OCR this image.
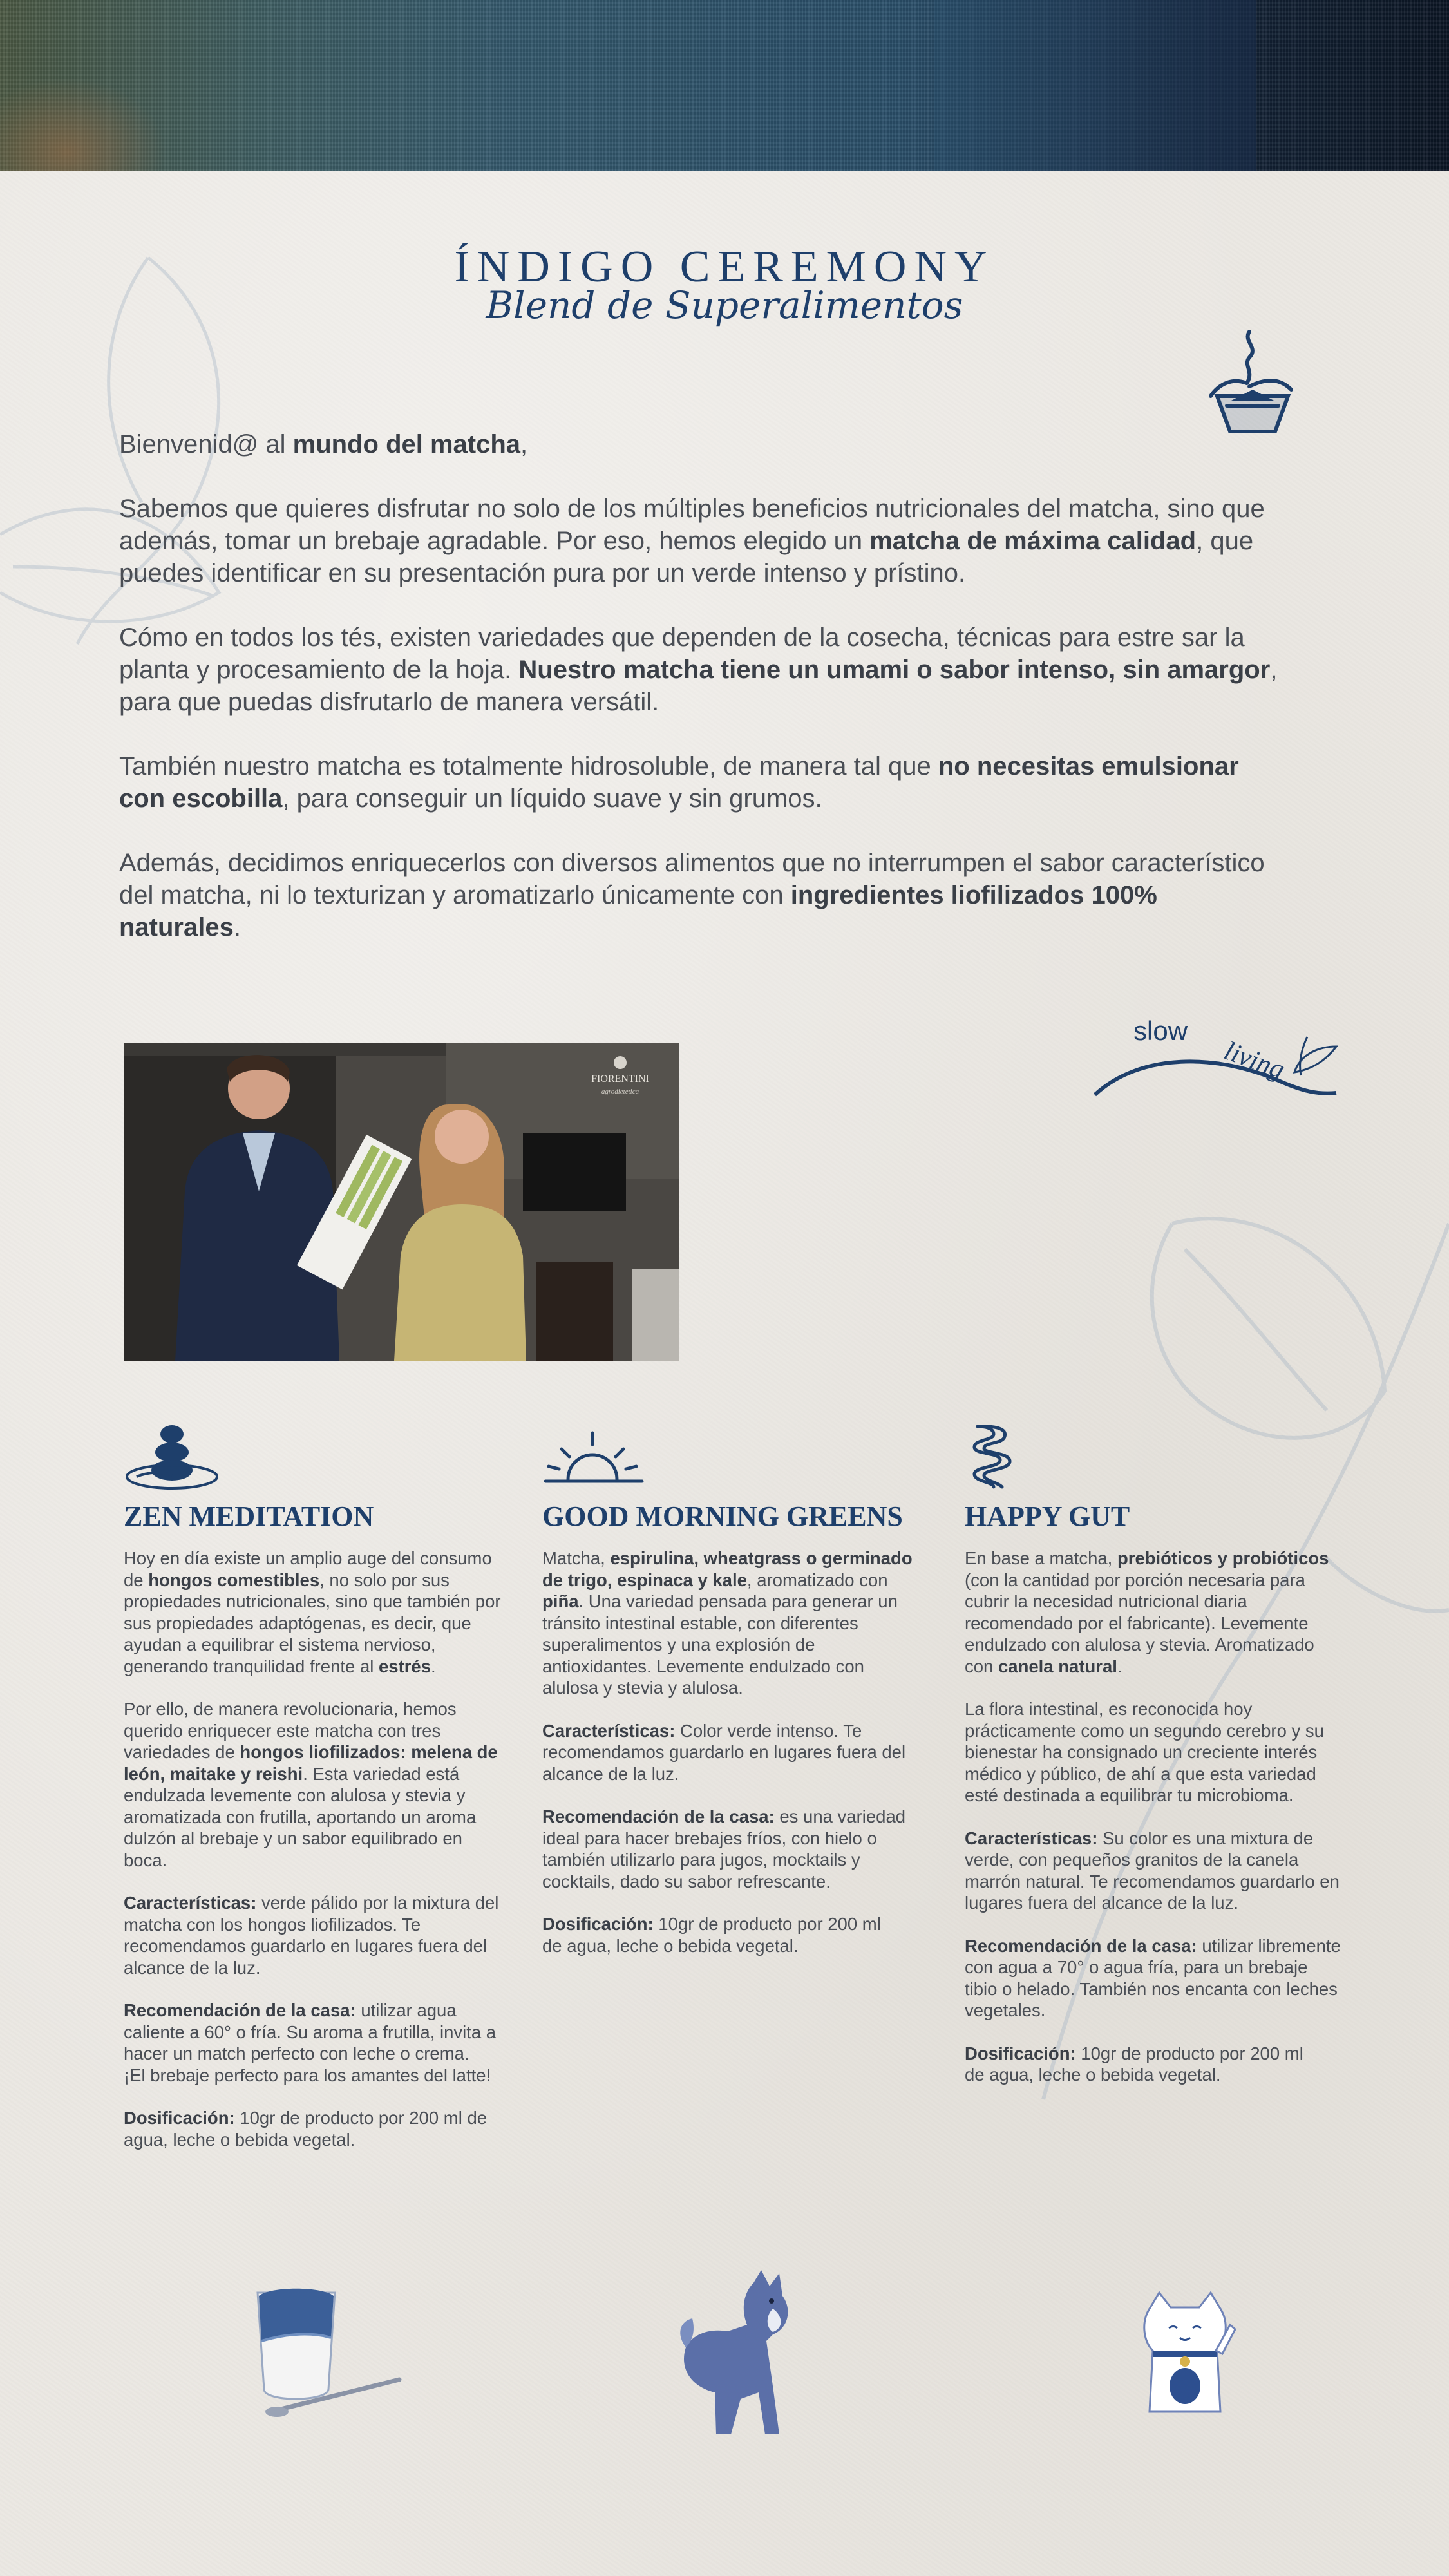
ÍNDIGO CEREMONY
Blend de Superalimentos

Bienvenid@ al mundo del matcha,

Sabemos que quieres disfrutar no solo de los múltiples beneficios nutricionales del matcha, sino que además, tomar un brebaje agradable. Por eso, hemos elegido un matcha de máxima calidad, que puedes identificar en su presentación pura por un verde intenso y prístino.

Cómo en todos los tés, existen variedades que dependen de la cosecha, técnicas para estre sar la planta y procesamiento de la hoja. Nuestro matcha tiene un umami o sabor intenso, sin amargor, para que puedas disfrutarlo de manera versátil.

También nuestro matcha es totalmente hidrosoluble, de manera tal que no necesitas emulsionar con escobilla, para conseguir un líquido suave y sin grumos.

Además, decidimos enriquecerlos con diversos alimentos que no interrumpen el sabor característico del matcha, ni lo texturizan y aromatizarlo únicamente con ingredientes liofilizados 100% naturales.

slow
living
FIORENTINI
agrodietetica
ZEN MEDITATION

Hoy en día existe un amplio auge del consumo de hongos comestibles, no solo por sus propiedades nutricionales, sino que también por sus propiedades adaptógenas, es decir, que ayudan a equilibrar el sistema nervioso, generando tranquilidad frente al estrés.

Por ello, de manera revolucionaria, hemos querido enriquecer este matcha con tres variedades de hongos liofilizados: melena de león, maitake y reishi. Esta variedad está endulzada levemente con alulosa y stevia y aromatizada con frutilla, aportando un aroma dulzón al brebaje y un sabor equilibrado en boca.

Características: verde pálido por la mixtura del matcha con los hongos liofilizados. Te recomendamos guardarlo en lugares fuera del alcance de la luz.

Recomendación de la casa: utilizar agua caliente a 60° o fría. Su aroma a frutilla, invita a hacer un match perfecto con leche o crema.
¡El brebaje perfecto para los amantes del latte!

Dosificación: 10gr de producto por 200 ml de agua, leche o bebida vegetal.

GOOD MORNING GREENS

Matcha, espirulina, wheatgrass o germinado de trigo, espinaca y kale, aromatizado con piña. Una variedad pensada para generar un tránsito intestinal estable, con diferentes superalimentos y una explosión de antioxidantes. Levemente endulzado con alulosa y stevia y alulosa.

Características: Color verde intenso. Te recomendamos guardarlo en lugares fuera del alcance de la luz.

Recomendación de la casa: es una variedad ideal para hacer brebajes fríos, con hielo o también utilizarlo para jugos, mocktails y cocktails, dado su sabor refrescante.

Dosificación: 10gr de producto por 200 ml
de agua, leche o bebida vegetal.

HAPPY GUT

En base a matcha, prebióticos y probióticos (con la cantidad por porción necesaria para cubrir la necesidad nutricional diaria recomendado por el fabricante). Levemente endulzado con alulosa y stevia. Aromatizado con canela natural.

La flora intestinal, es reconocida hoy prácticamente como un segundo cerebro y su bienestar ha consignado un creciente interés médico y público, de ahí a que esta variedad esté destinada a equilibrar tu microbioma.

Características: Su color es una mixtura de verde, con pequeños granitos de la canela marrón natural. Te recomendamos guardarlo en lugares fuera del alcance de la luz.

Recomendación de la casa: utilizar libremente con agua a 70° o agua fría, para un brebaje tibio o helado. También nos encanta con leches vegetales.

Dosificación: 10gr de producto por 200 ml
de agua, leche o bebida vegetal.
